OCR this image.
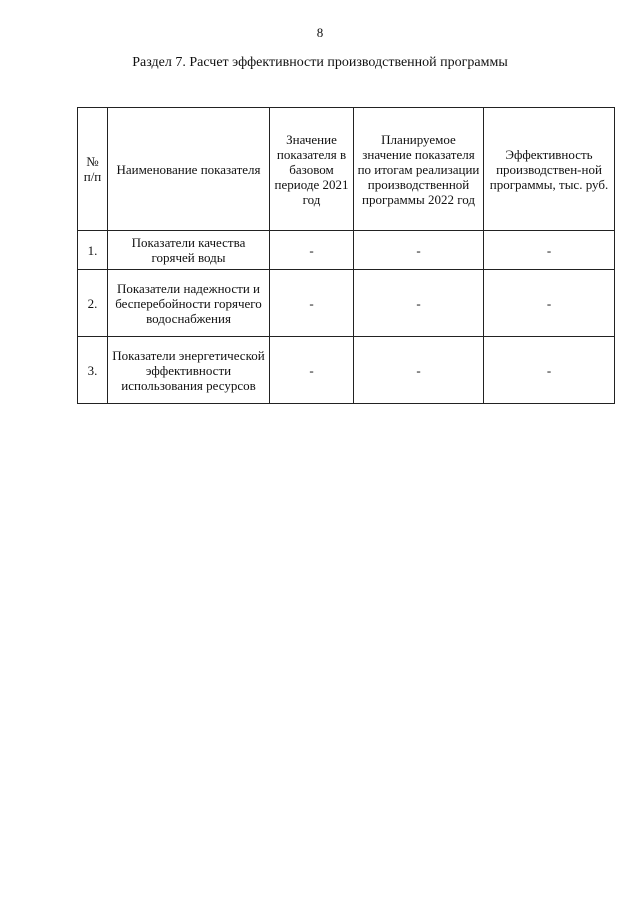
8
Раздел 7. Расчет эффективности производственной программы
№ п/п	Наименование показателя	Значение показателя в базовом периоде 2021 год	Планируемое значение показателя по итогам реализации производственной программы 2022 год	Эффективность производствен-ной программы, тыс. руб.
1.	Показатели качества горячей воды	-	-	-
2.	Показатели надежности и бесперебойности горячего водоснабжения	-	-	-
3.	Показатели энергетической эффективности использования ресурсов	-	-	-
